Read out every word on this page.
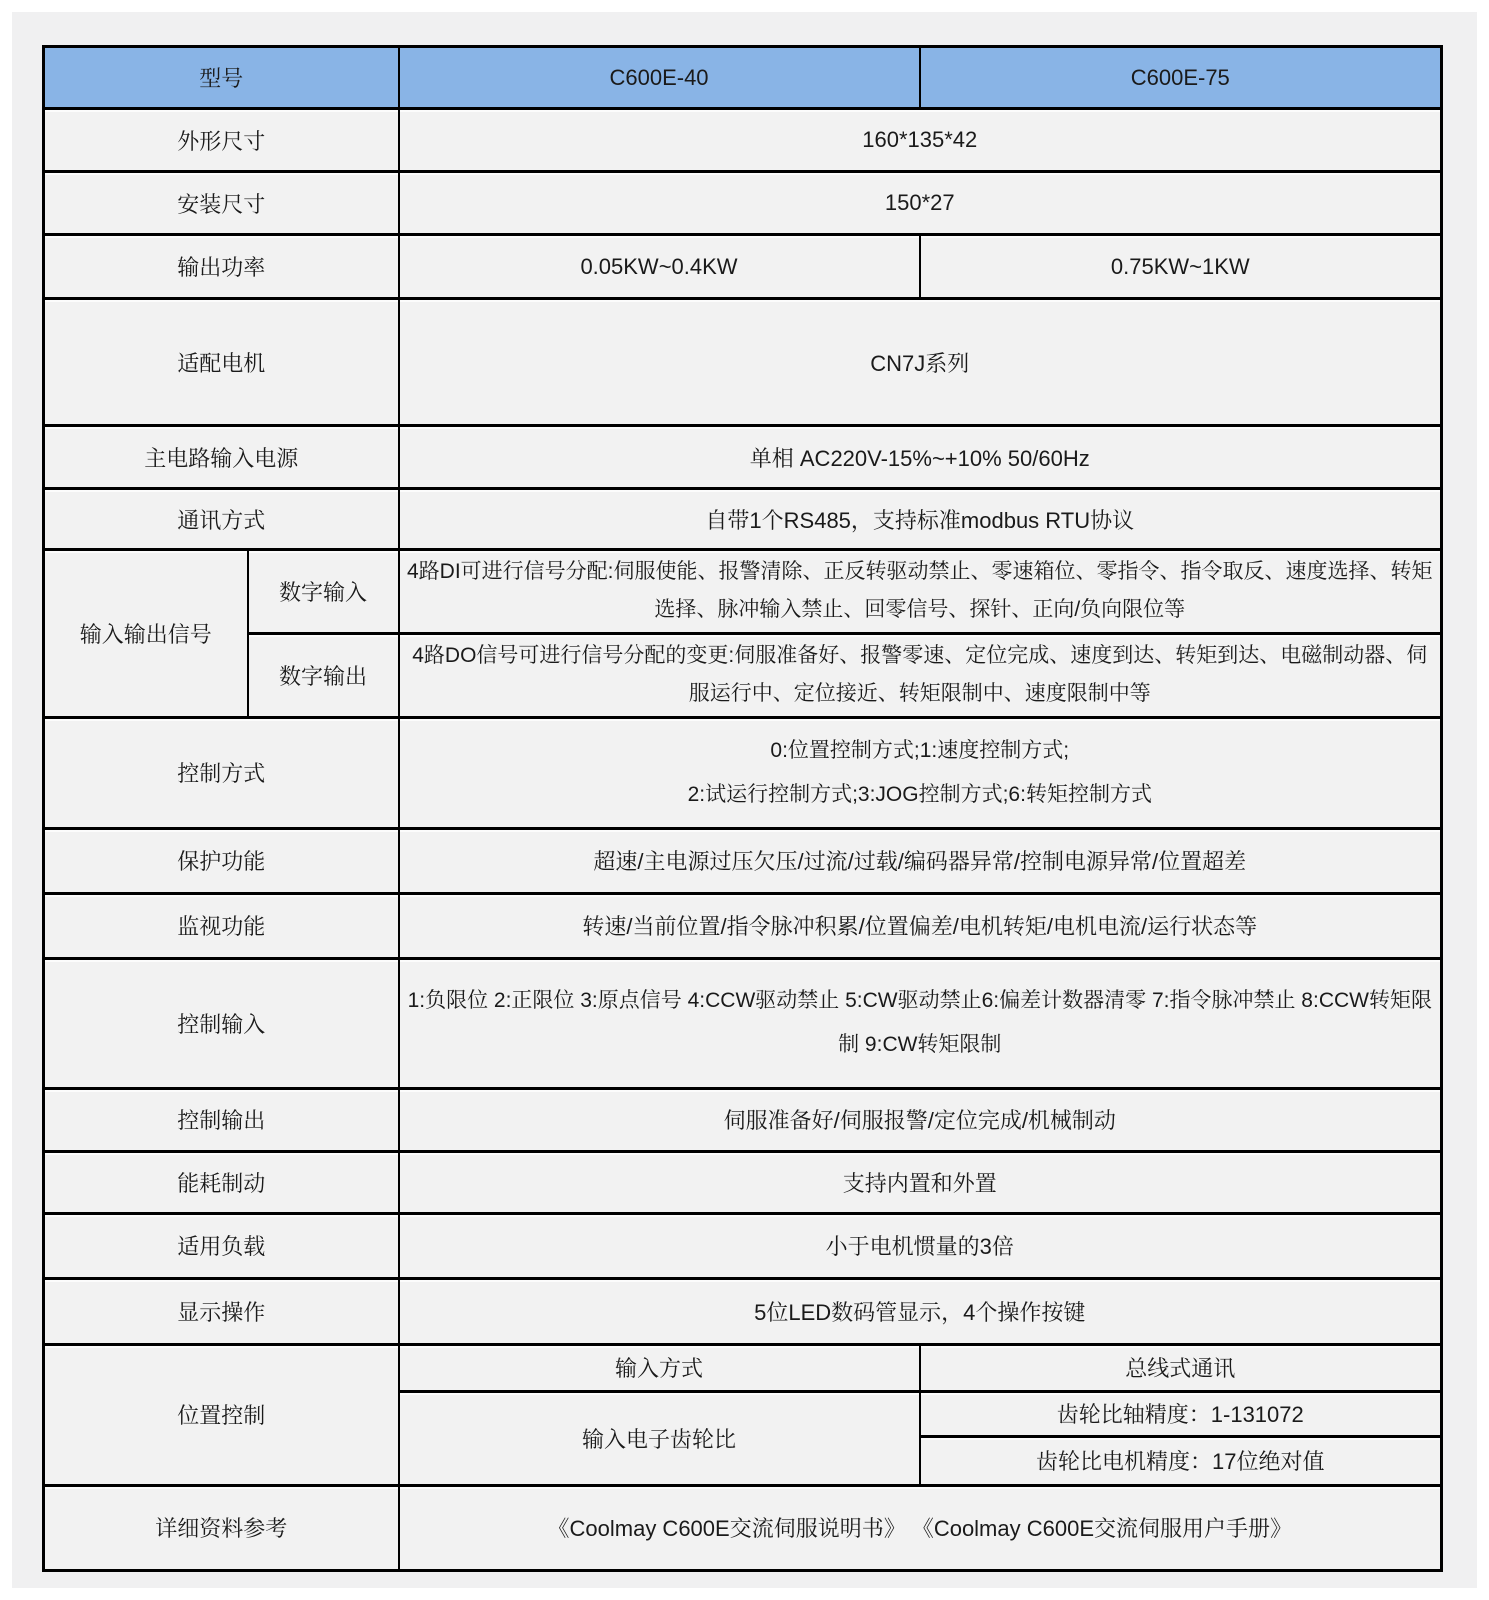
型号		C600E-40	C600E-75
外形尺寸		160*135*42	
安装尺寸		150*27	
输出功率		0.05KW~0.4KW	0.75KW~1KW
适配电机		CN7J系列	
主电路输入电源		单相 AC220V-15%~+10% 50/60Hz	
通讯方式		自带1个RS485，支持标准modbus RTU协议	
输入输出信号	数字输入	4路DI可进行信号分配:伺服使能、报警清除、正反转驱动禁止、零速箱位、零指令、指令取反、速度选择、转矩选择、脉冲输入禁止、回零信号、探针、正向/负向限位等	
	数字输出	4路DO信号可进行信号分配的变更:伺服准备好、报警零速、定位完成、速度到达、转矩到达、电磁制动器、伺服运行中、定位接近、转矩限制中、速度限制中等	
控制方式		0:位置控制方式;1:速度控制方式;
2:试运行控制方式;3:JOG控制方式;6:转矩控制方式	

保护功能		超速/主电源过压欠压/过流/过载/编码器异常/控制电源异常/位置超差	
监视功能		转速/当前位置/指令脉冲积累/位置偏差/电机转矩/电机电流/运行状态等	
控制输入		1:负限位 2:正限位 3:原点信号 4:CCW驱动禁止 5:CW驱动禁止6:偏差计数器清零 7:指令脉冲禁止 8:CCW转矩限制 9:CW转矩限制	
控制输出		伺服准备好/伺服报警/定位完成/机械制动	
能耗制动		支持内置和外置	
适用负载		小于电机惯量的3倍	
显示操作		5位LED数码管显示，4个操作按键	
位置控制		输入方式	总线式通讯
		输入电子齿轮比	齿轮比轴精度：1-131072
			齿轮比电机精度：17位绝对值
详细资料参考		《Coolmay C600E交流伺服说明书》 《Coolmay C600E交流伺服用户手册》	
